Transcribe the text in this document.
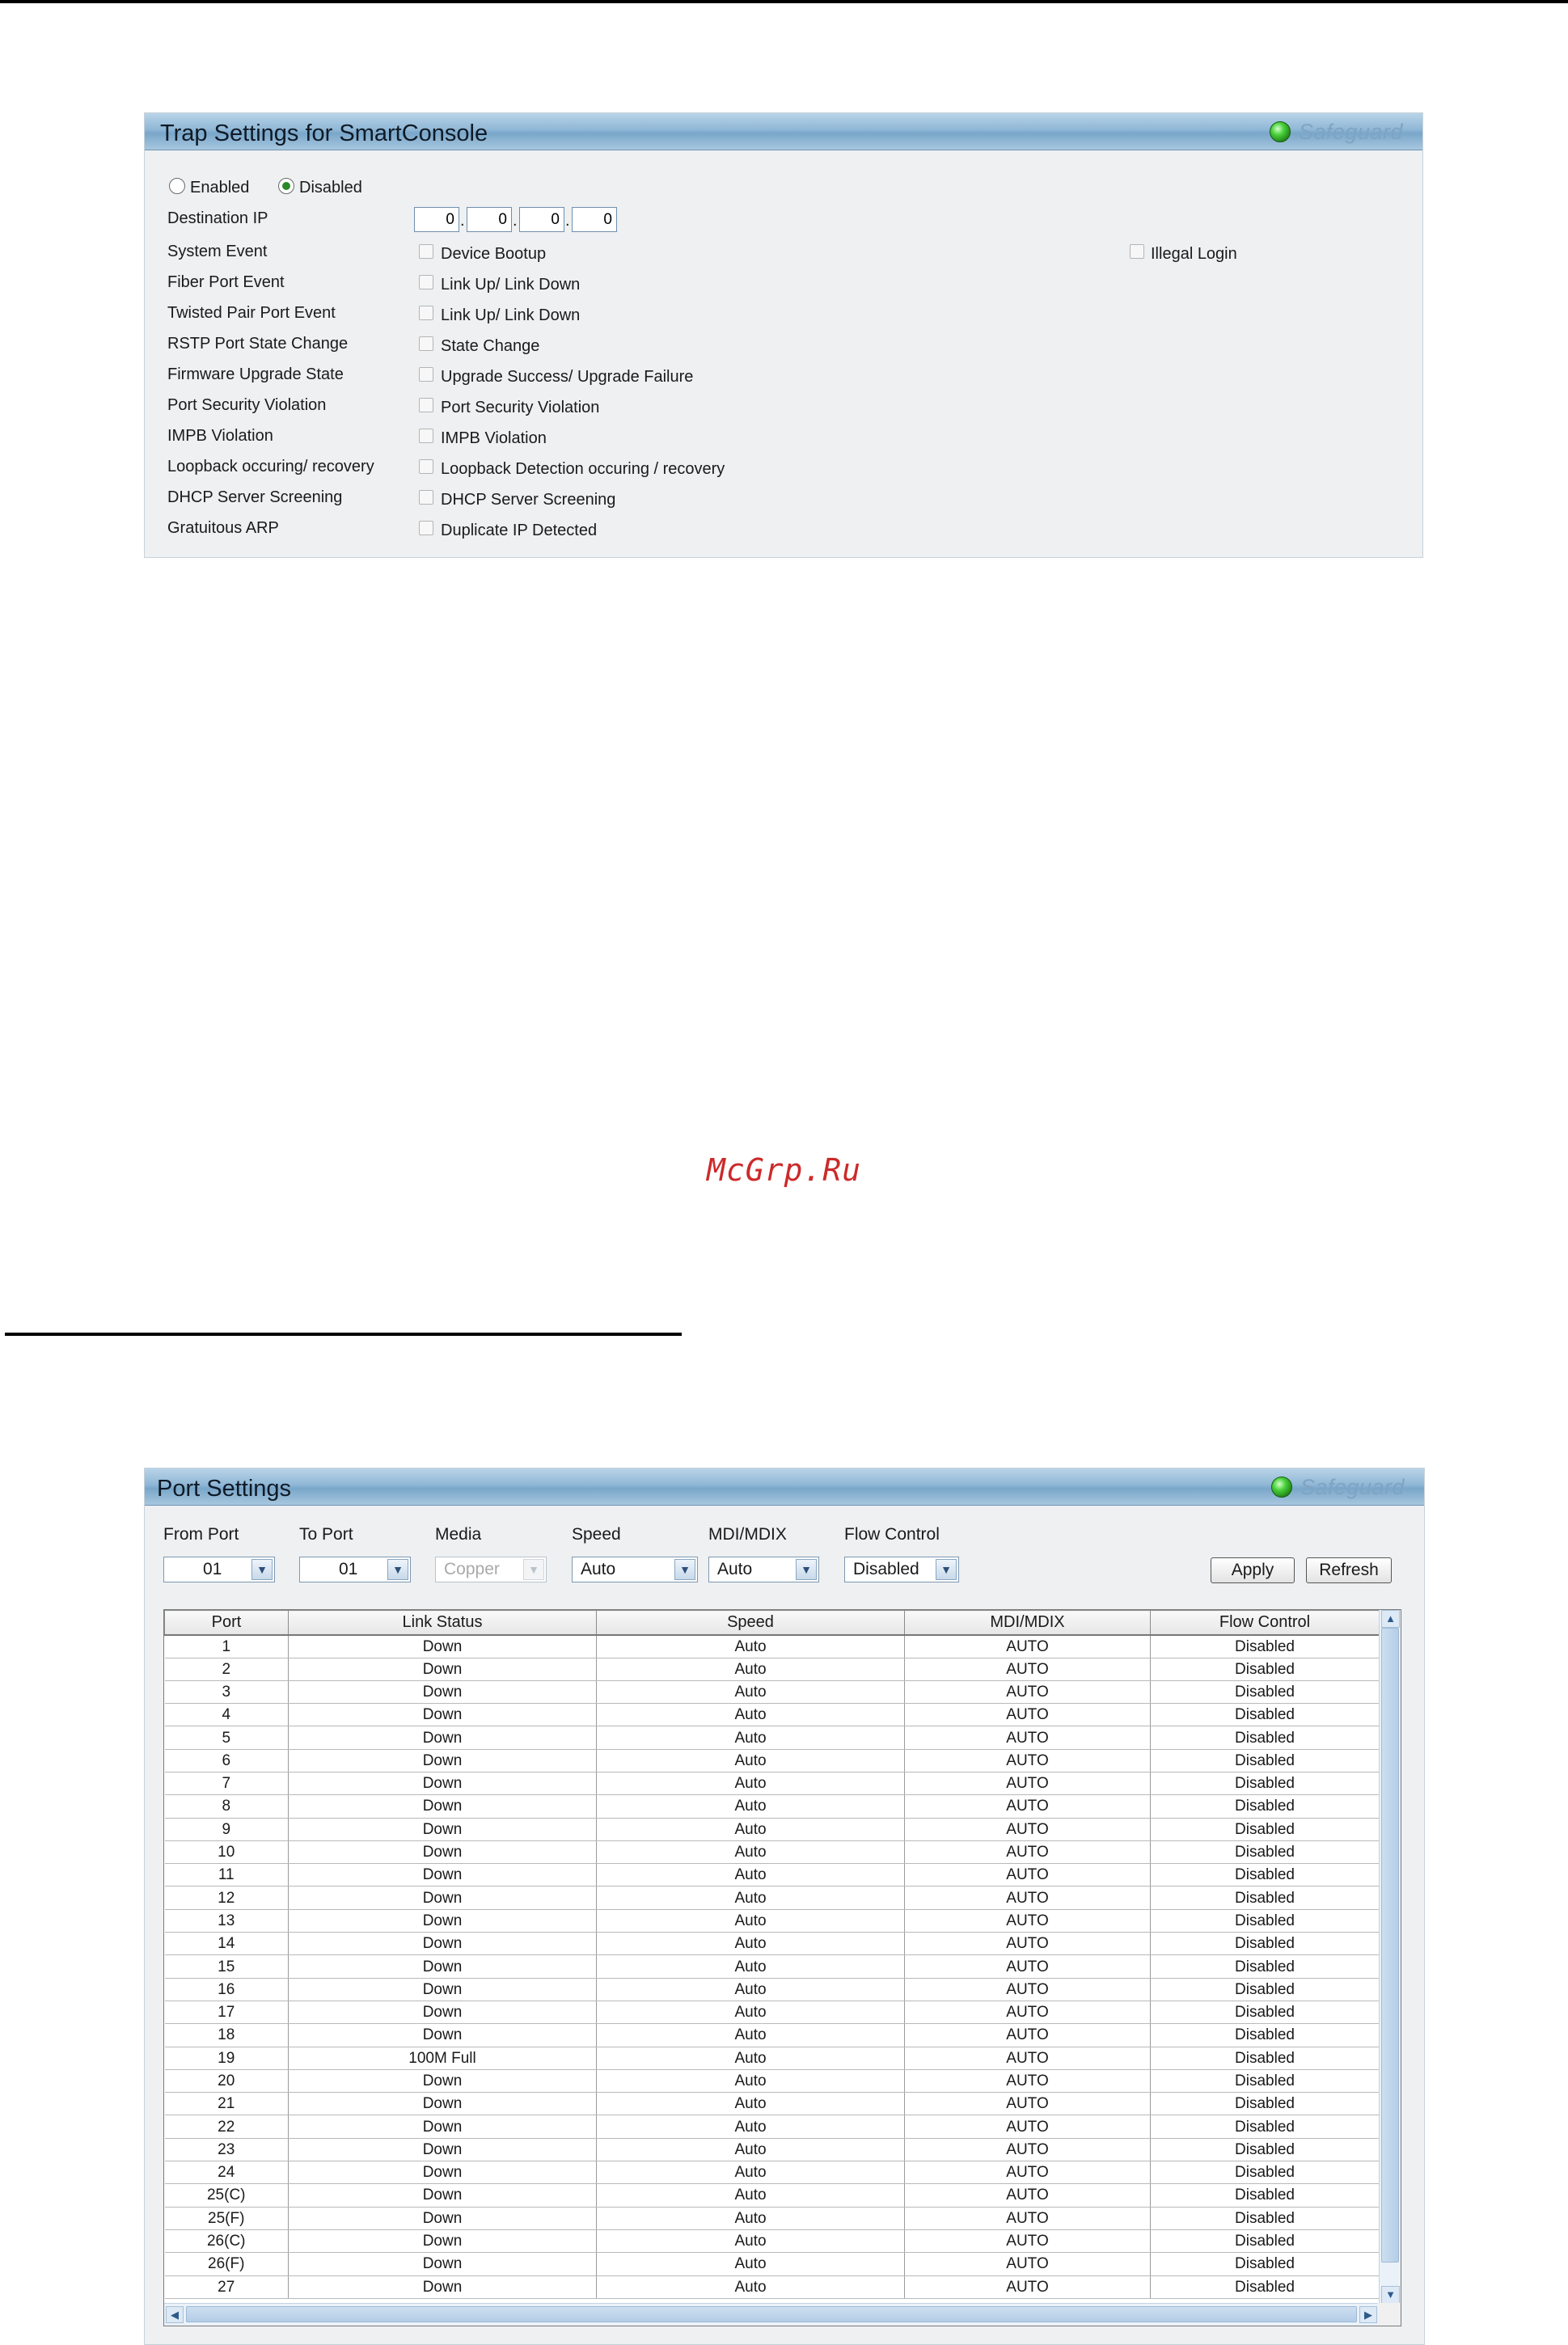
Trap Settings for SmartConsole	Safeguard
Enabled	Disabled
Destination IP
0	.
0	.
0	.
0
System Event	Device Bootup	Illegal Login
Fiber Port Event	Link Up/ Link Down
Twisted Pair Port Event	Link Up/ Link Down
RSTP Port State Change	State Change
Firmware Upgrade State	Upgrade Success/ Upgrade Failure
Port Security Violation	Port Security Violation
IMPB Violation	IMPB Violation
Loopback occuring/ recovery	Loopback Detection occuring / recovery
DHCP Server Screening	DHCP Server Screening
Gratuitous ARP	Duplicate IP Detected
McGrp.Ru
Port Settings	Safeguard
From Port
01	▼
To Port
01	▼
Media
Copper	▼
Speed
Auto	▼
MDI/MDIX
Auto	▼
Flow Control
Disabled	▼	Apply	Refresh
Port	Link Status	Speed	MDI/MDIX	Flow Control
1	Down	Auto	AUTO	Disabled
2	Down	Auto	AUTO	Disabled
3	Down	Auto	AUTO	Disabled
4	Down	Auto	AUTO	Disabled
5	Down	Auto	AUTO	Disabled
6	Down	Auto	AUTO	Disabled
7	Down	Auto	AUTO	Disabled
8	Down	Auto	AUTO	Disabled
9	Down	Auto	AUTO	Disabled
10	Down	Auto	AUTO	Disabled
11	Down	Auto	AUTO	Disabled
12	Down	Auto	AUTO	Disabled
13	Down	Auto	AUTO	Disabled
14	Down	Auto	AUTO	Disabled
15	Down	Auto	AUTO	Disabled
16	Down	Auto	AUTO	Disabled
17	Down	Auto	AUTO	Disabled
18	Down	Auto	AUTO	Disabled
19	100M Full	Auto	AUTO	Disabled
20	Down	Auto	AUTO	Disabled
21	Down	Auto	AUTO	Disabled
22	Down	Auto	AUTO	Disabled
23	Down	Auto	AUTO	Disabled
24	Down	Auto	AUTO	Disabled
25(C)	Down	Auto	AUTO	Disabled
25(F)	Down	Auto	AUTO	Disabled
26(C)	Down	Auto	AUTO	Disabled
26(F)	Down	Auto	AUTO	Disabled
27	Down	Auto	AUTO	Disabled
▲
▼
◀	▶
